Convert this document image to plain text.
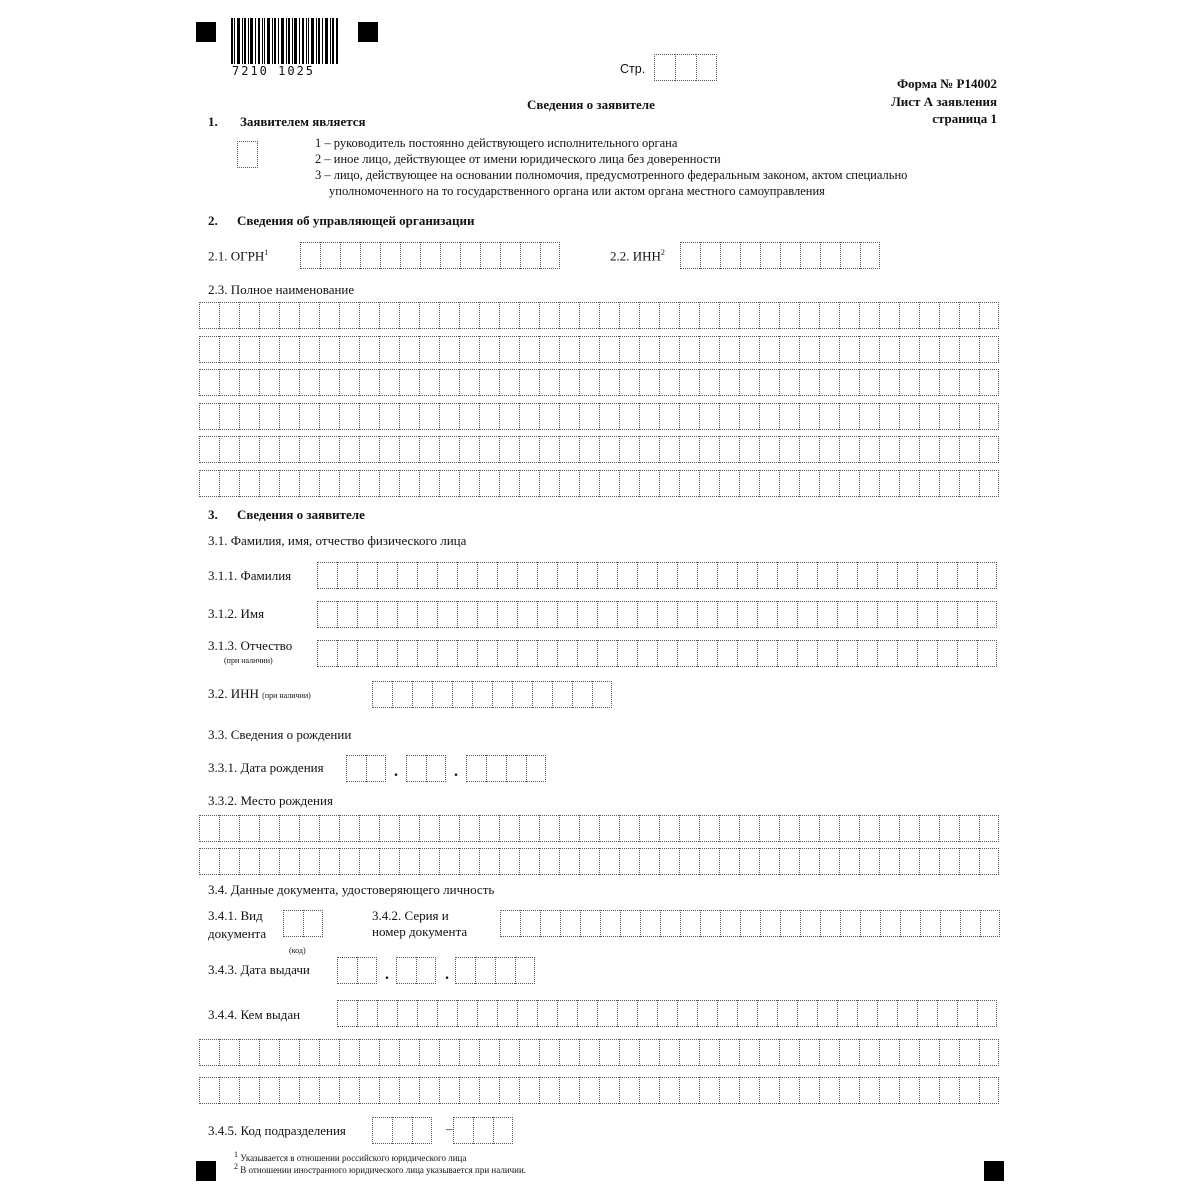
7210 1025	Стр.
Форма № Р14002
Лист А заявления
страница 1
Сведения о заявителе
1. Заявителем является
1 – руководитель постоянно действующего исполнительного органа
2 – иное лицо, действующее от имени юридического лица без доверенности
3 – лицо, действующее на основании полномочия, предусмотренного федеральным законом, актом специально
уполномоченного на то государственного органа или актом органа местного самоуправления
2. Сведения об управляющей организации
2.1. ОГРН$^1$	2.2. ИНН$^2$
2.3. Полное наименование
3. Сведения о заявителе
3.1. Фамилия, имя, отчество физического лица
3.1.1. Фамилия
3.1.2. Имя
3.1.3. Отчество
(при наличии)
3.2. ИНН (при наличии)
3.3. Сведения о рождении
3.3.1. Дата рождения	.	.
3.3.2. Место рождения
3.4. Данные документа, удостоверяющего личность
3.4.1. Вид
документа
(код)
3.4.2. Серия и
номер документа
3.4.3. Дата выдачи	.	.
3.4.4. Кем выдан
3.4.5. Код подразделения	–
$^1$ Указывается в отношении российского юридического лица
$^2$ В отношении иностранного юридического лица указывается при наличии.
